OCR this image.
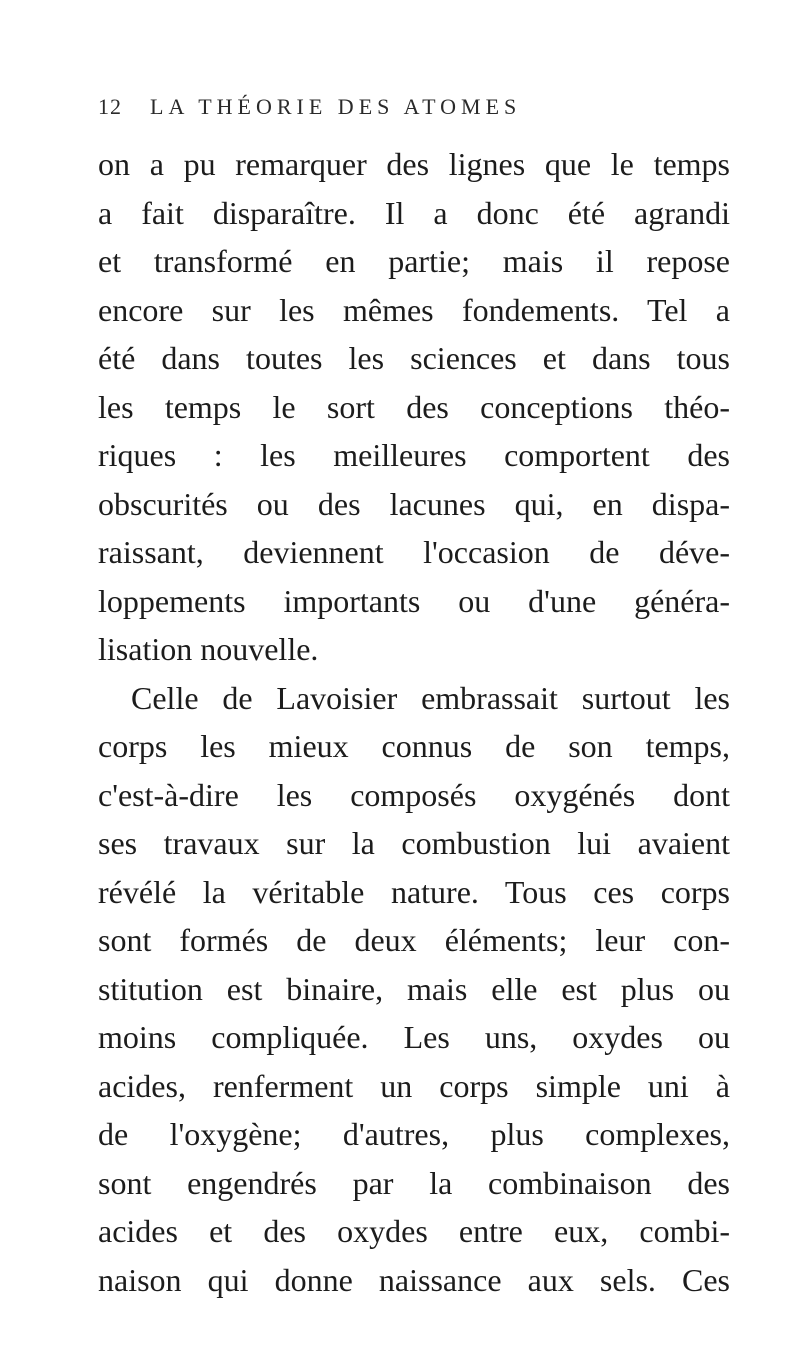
12 LA THÉORIE DES ATOMES
on a pu remarquer des lignes que le temps
a fait disparaître. Il a donc été agrandi
et transformé en partie; mais il repose
encore sur les mêmes fondements. Tel a
été dans toutes les sciences et dans tous
les temps le sort des conceptions théo-
riques : les meilleures comportent des
obscurités ou des lacunes qui, en dispa-
raissant, deviennent l'occasion de déve-
loppements importants ou d'une généra-
lisation nouvelle.
Celle de Lavoisier embrassait surtout les
corps les mieux connus de son temps,
c'est-à-dire les composés oxygénés dont
ses travaux sur la combustion lui avaient
révélé la véritable nature. Tous ces corps
sont formés de deux éléments; leur con-
stitution est binaire, mais elle est plus ou
moins compliquée. Les uns, oxydes ou
acides, renferment un corps simple uni à
de l'oxygène; d'autres, plus complexes,
sont engendrés par la combinaison des
acides et des oxydes entre eux, combi-
naison qui donne naissance aux sels. Ces
